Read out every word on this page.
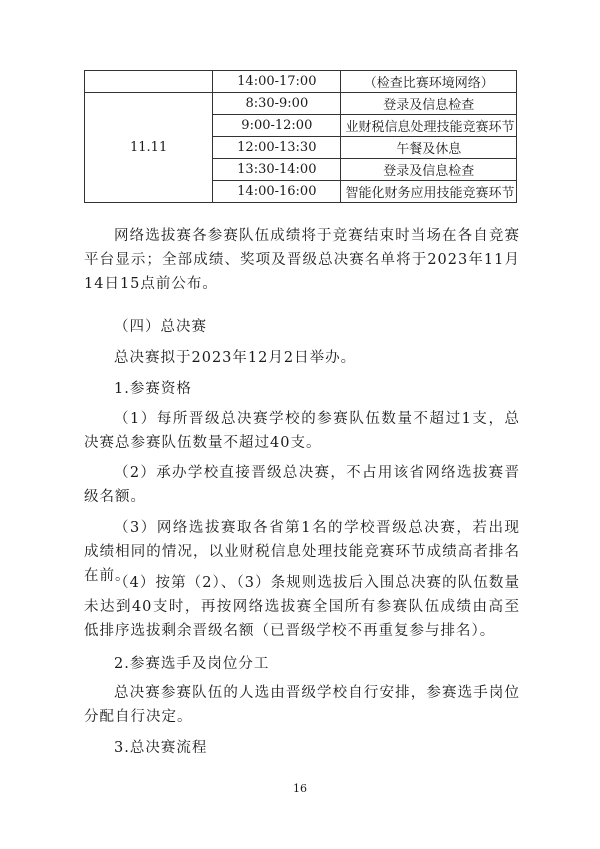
	14:00-17:00	（检查比赛环境网络）
11.11	8:30-9:00	登录及信息检查
	9:00-12:00	业财税信息处理技能竞赛环节
	12:00-13:30	午餐及休息
	13:30-14:00	登录及信息检查
	14:00-16:00	智能化财务应用技能竞赛环节

网络选拔赛各参赛队伍成绩将于竞赛结束时当场在各自竞赛平台显示；全部成绩、奖项及晋级总决赛名单将于2023年11月14日15点前公布。

（四）总决赛

总决赛拟于2023年12月2日举办。

1.参赛资格

（1）每所晋级总决赛学校的参赛队伍数量不超过1支，总决赛总参赛队伍数量不超过40支。

（2）承办学校直接晋级总决赛，不占用该省网络选拔赛晋级名额。

（3）网络选拔赛取各省第1名的学校晋级总决赛，若出现成绩相同的情况，以业财税信息处理技能竞赛环节成绩高者排名在前。

（4）按第（2）、（3）条规则选拔后入围总决赛的队伍数量未达到40支时，再按网络选拔赛全国所有参赛队伍成绩由高至低排序选拔剩余晋级名额（已晋级学校不再重复参与排名）。

2.参赛选手及岗位分工

总决赛参赛队伍的人选由晋级学校自行安排，参赛选手岗位分配自行决定。

3.总决赛流程

16
